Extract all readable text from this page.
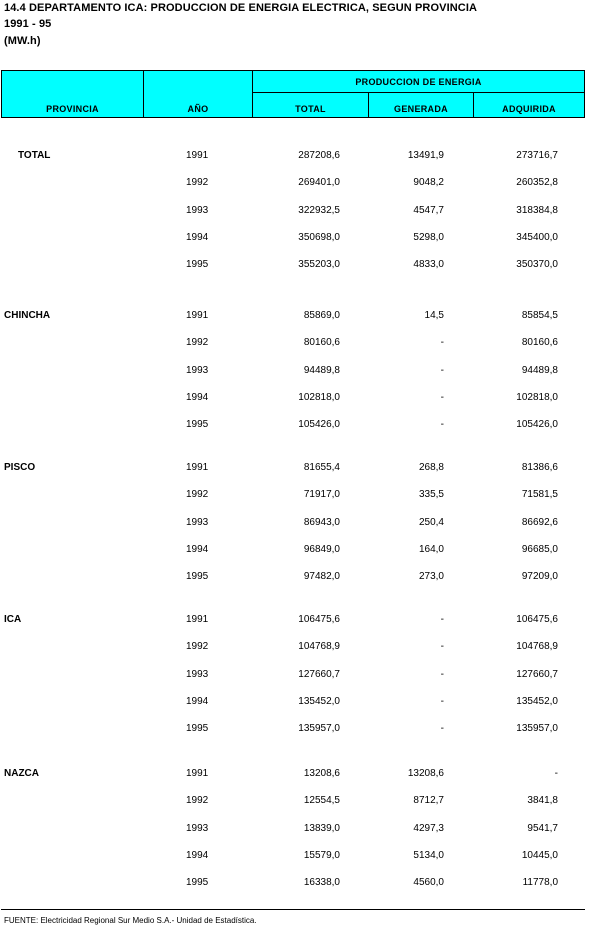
14.4 DEPARTAMENTO ICA: PRODUCCION DE ENERGIA ELECTRICA, SEGUN PROVINCIA
1991 - 95
(MW.h)
PROVINCIA	AÑO
PRODUCCION DE ENERGIA
TOTAL	GENERADA	ADQUIRIDA
TOTAL	1991	287208,6	13491,9	273716,7
1992	269401,0	9048,2	260352,8
1993	322932,5	4547,7	318384,8
1994	350698,0	5298,0	345400,0
1995	355203,0	4833,0	350370,0
CHINCHA	1991	85869,0	14,5	85854,5
1992	80160,6	-	80160,6
1993	94489,8	-	94489,8
1994	102818,0	-	102818,0
1995	105426,0	-	105426,0
PISCO	1991	81655,4	268,8	81386,6
1992	71917,0	335,5	71581,5
1993	86943,0	250,4	86692,6
1994	96849,0	164,0	96685,0
1995	97482,0	273,0	97209,0
ICA	1991	106475,6	-	106475,6
1992	104768,9	-	104768,9
1993	127660,7	-	127660,7
1994	135452,0	-	135452,0
1995	135957,0	-	135957,0
NAZCA	1991	13208,6	13208,6	-
1992	12554,5	8712,7	3841,8
1993	13839,0	4297,3	9541,7
1994	15579,0	5134,0	10445,0
1995	16338,0	4560,0	11778,0
FUENTE: Electricidad Regional Sur Medio S.A.- Unidad de Estadística.
